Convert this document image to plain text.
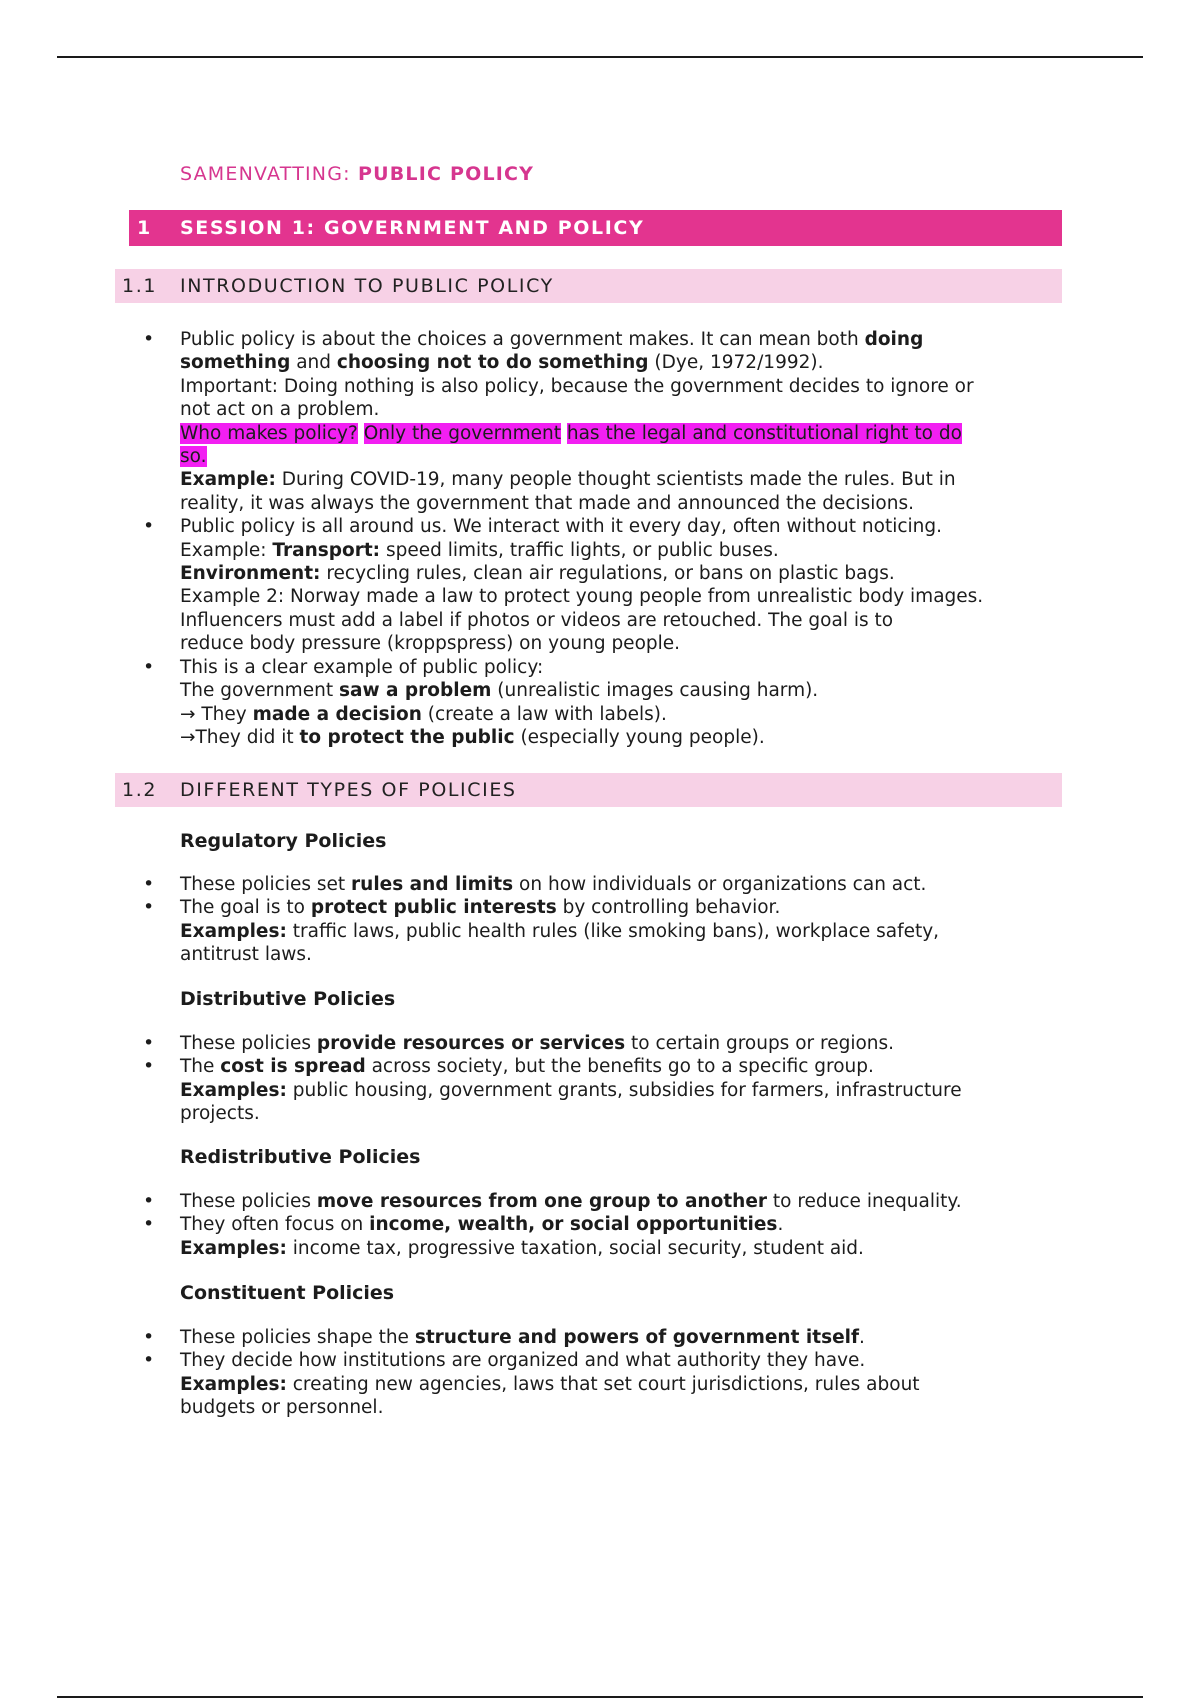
SAMENVATTING: PUBLIC POLICY
1 SESSION 1: GOVERNMENT AND POLICY
1.1 INTRODUCTION TO PUBLIC POLICY
• Public policy is about the choices a government makes. It can mean both doing
something and choosing not to do something (Dye, 1972/1992).
Important: Doing nothing is also policy, because the government decides to ignore or
not act on a problem.
Who makes policy? Only the government has the legal and constitutional right to do
so.
Example: During COVID-19, many people thought scientists made the rules. But in
reality, it was always the government that made and announced the decisions.
• Public policy is all around us. We interact with it every day, often without noticing.
Example: Transport: speed limits, traffic lights, or public buses.
Environment: recycling rules, clean air regulations, or bans on plastic bags.
Example 2: Norway made a law to protect young people from unrealistic body images.
Influencers must add a label if photos or videos are retouched. The goal is to
reduce body pressure (kroppspress) on young people.
• This is a clear example of public policy:
The government saw a problem (unrealistic images causing harm).
→ They made a decision (create a law with labels).
→They did it to protect the public (especially young people).
1.2 DIFFERENT TYPES OF POLICIES
Regulatory Policies
• These policies set rules and limits on how individuals or organizations can act.
• The goal is to protect public interests by controlling behavior.
Examples: traffic laws, public health rules (like smoking bans), workplace safety,
antitrust laws.
Distributive Policies
• These policies provide resources or services to certain groups or regions.
• The cost is spread across society, but the benefits go to a specific group.
Examples: public housing, government grants, subsidies for farmers, infrastructure
projects.
Redistributive Policies
• These policies move resources from one group to another to reduce inequality.
• They often focus on income, wealth, or social opportunities.
Examples: income tax, progressive taxation, social security, student aid.
Constituent Policies
• These policies shape the structure and powers of government itself.
• They decide how institutions are organized and what authority they have.
Examples: creating new agencies, laws that set court jurisdictions, rules about
budgets or personnel.
